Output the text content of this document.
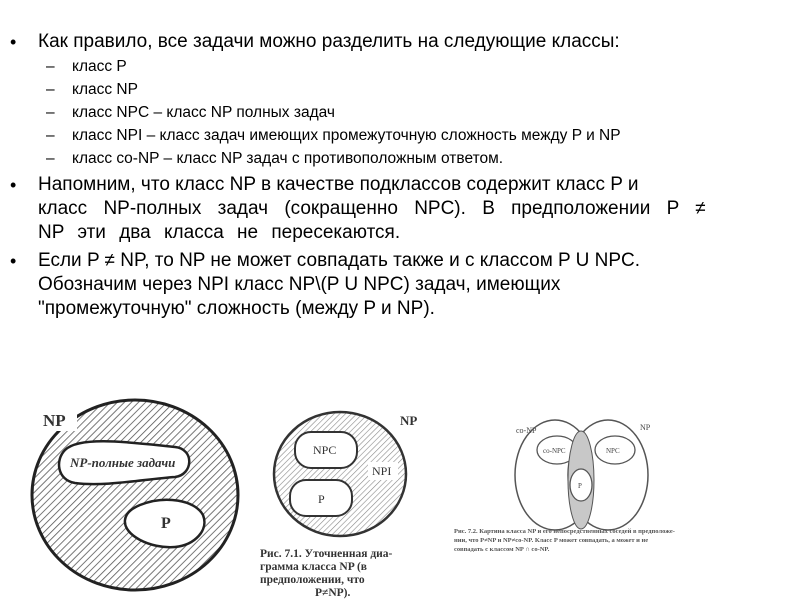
• Как правило, все задачи можно разделить на следующие классы:
– класс P
– класс NP
– класс NPC – класс NP полных задач
– класс NPI – класс задач имеющих промежуточную сложность между P и NP
– класс co-NP – класс NP задач с противоположным ответом.
• Напомним, что класс NP в качестве подклассов содержит класс P и
класс NP-полных задач (сокращенно NPC). В предположении P ≠
NP эти два класса не пересекаются.
• Если P ≠ NP, то NP не может совпадать также и с классом P U NPC.
Обозначим через NPI класс NP\(P U NPC) задач, имеющих
"промежуточную" сложность (между P и NP).
NP
NP-полные задачи
P
NPC
P
NPI
NP
Рис. 7.1. Уточненная диа-
грамма класса NP (в
предположении, что
P≠NP).
co-NP	NP
co-NPC	NPC
P
Рис. 7.2. Картина класса NP и его непосредственных соседей в предположе-
нии, что P≠NP и NP≠co-NP. Класс P может совпадать, а может и не
совпадать с классом NP ∩ co-NP.
